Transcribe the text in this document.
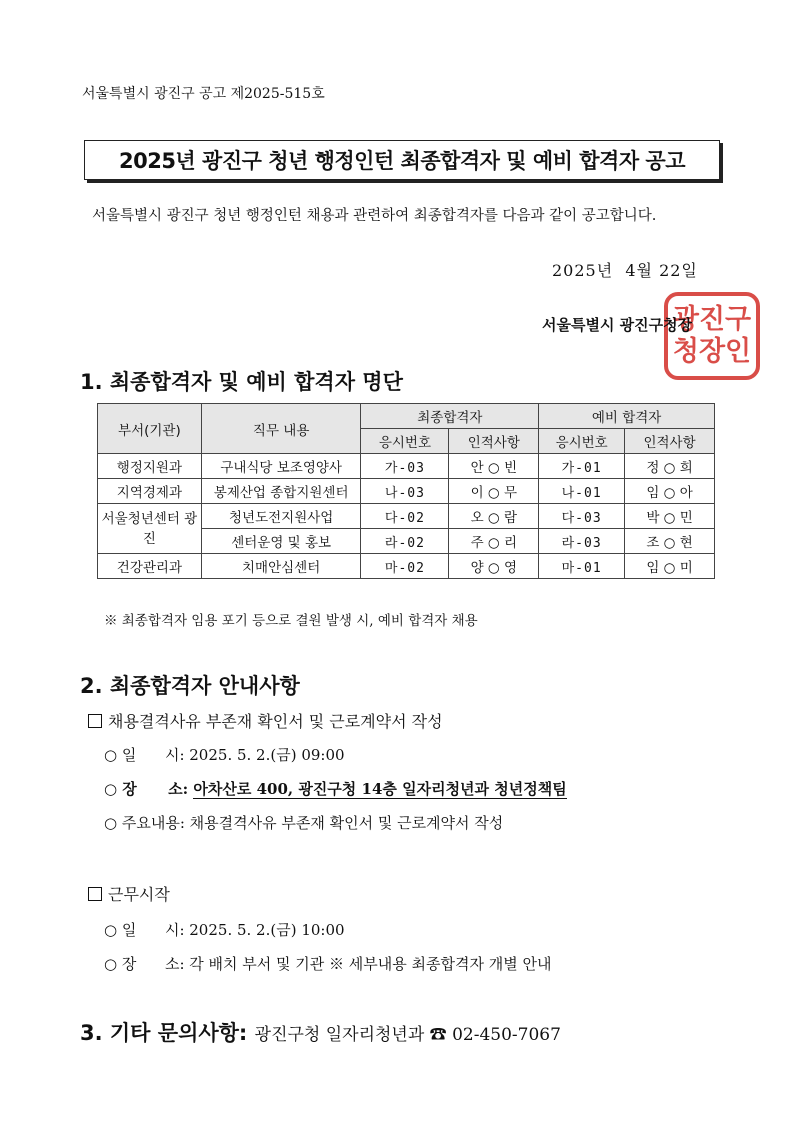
서울특별시 광진구 공고 제2025-515호
2025년 광진구 청년 행정인턴 최종합격자 및 예비 합격자 공고
서울특별시 광진구 청년 행정인턴 채용과 관련하여 최종합격자를 다음과 같이 공고합니다.
2025년  4월 22일
광진구
청장인
서울특별시 광진구청장
1. 최종합격자 및 예비 합격자 명단
부서(기관)	직무 내용	최종합격자		예비 합격자	
		응시번호	인적사항	응시번호	인적사항
행정지원과	구내식당 보조영양사	가-03	안 ○ 빈	가-01	정 ○ 희
지역경제과	봉제산업 종합지원센터	나-03	이 ○ 무	나-01	임 ○ 아
서울청년센터 광진	청년도전지원사업	다-02	오 ○ 람	다-03	박 ○ 민
	센터운영 및 홍보	라-02	주 ○ 리	라-03	조 ○ 현
건강관리과	치매안심센터	마-02	양 ○ 영	마-01	임 ○ 미
※ 최종합격자 임용 포기 등으로 결원 발생 시, 예비 합격자 채용
2. 최종합격자 안내사항
채용결격사유 부존재 확인서 및 근로계약서 작성
○ 일      시: 2025. 5. 2.(금) 09:00
○ 장      소: 아차산로 400, 광진구청 14층 일자리청년과 청년정책팀
○ 주요내용: 채용결격사유 부존재 확인서 및 근로계약서 작성
근무시작
○ 일      시: 2025. 5. 2.(금) 10:00
○ 장      소: 각 배치 부서 및 기관 ※ 세부내용 최종합격자 개별 안내
3. 기타 문의사항: 광진구청 일자리청년과 ☎ 02-450-7067
